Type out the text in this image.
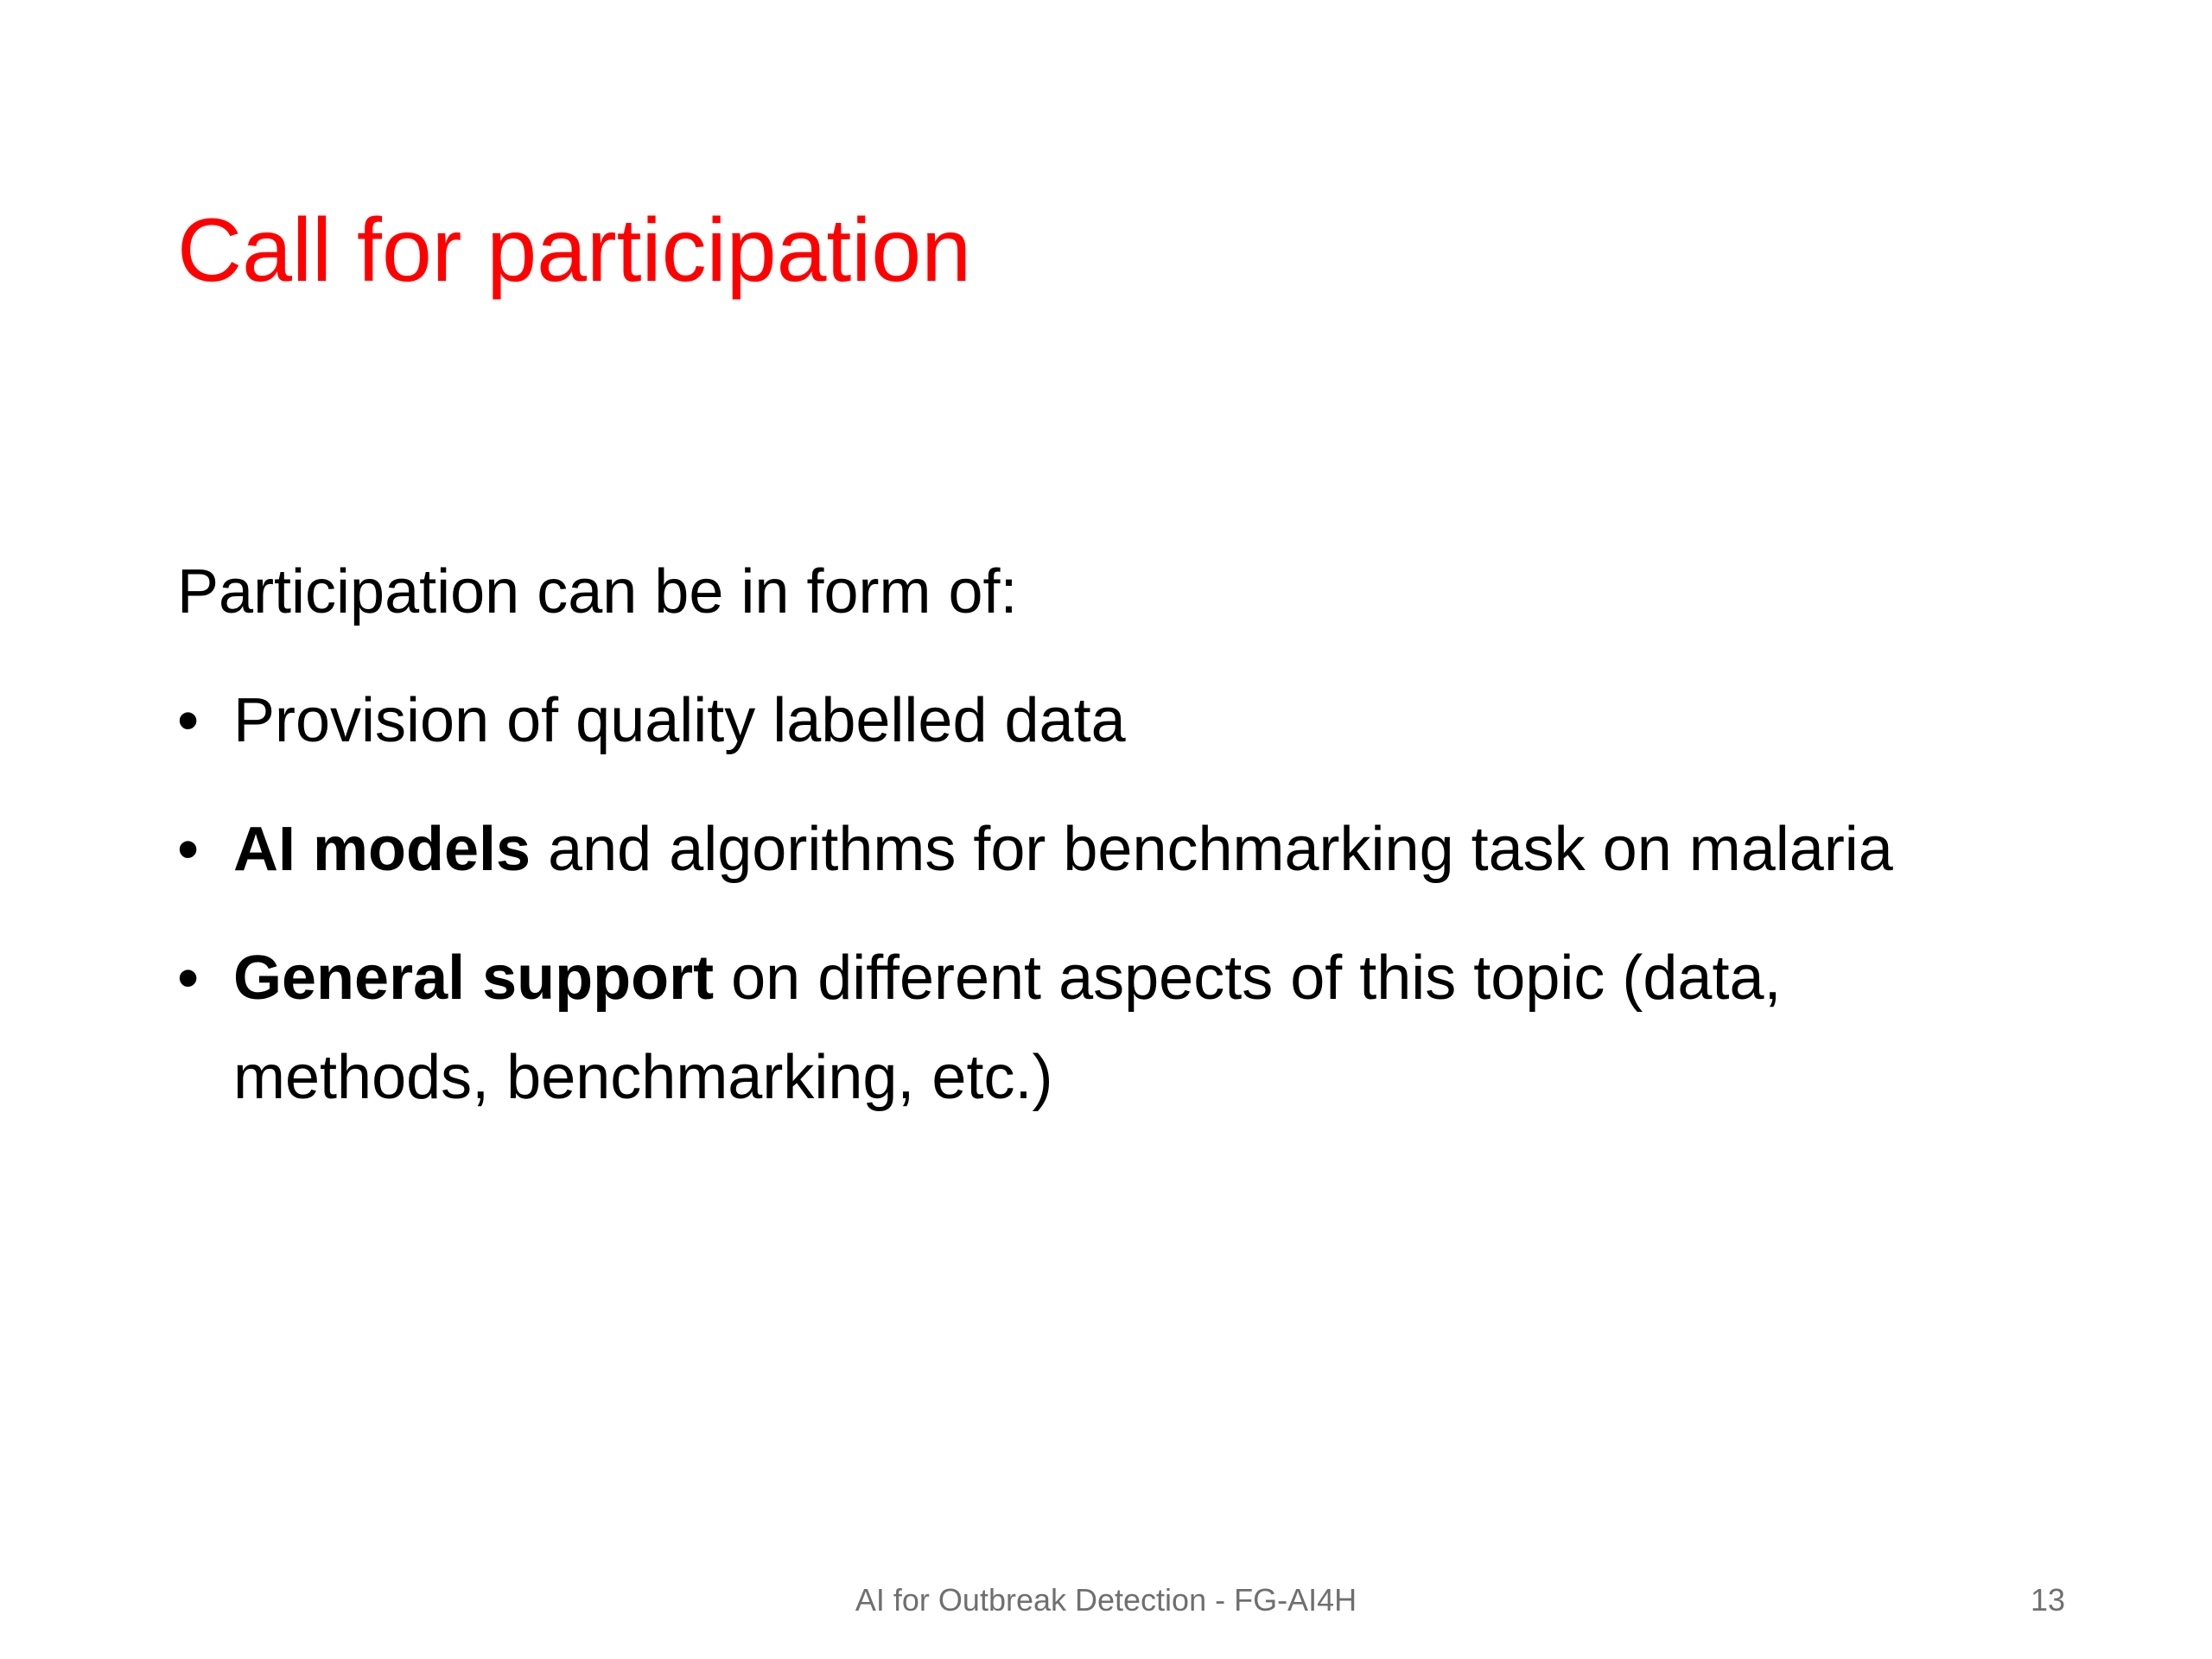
Call for participation

Participation can be in form of:

• Provision of quality labelled data
• AI models and algorithms for benchmarking task on malaria
• General support on different aspects of this topic (data, methods, benchmarking, etc.)
AI for Outbreak Detection - FG-AI4H	13
